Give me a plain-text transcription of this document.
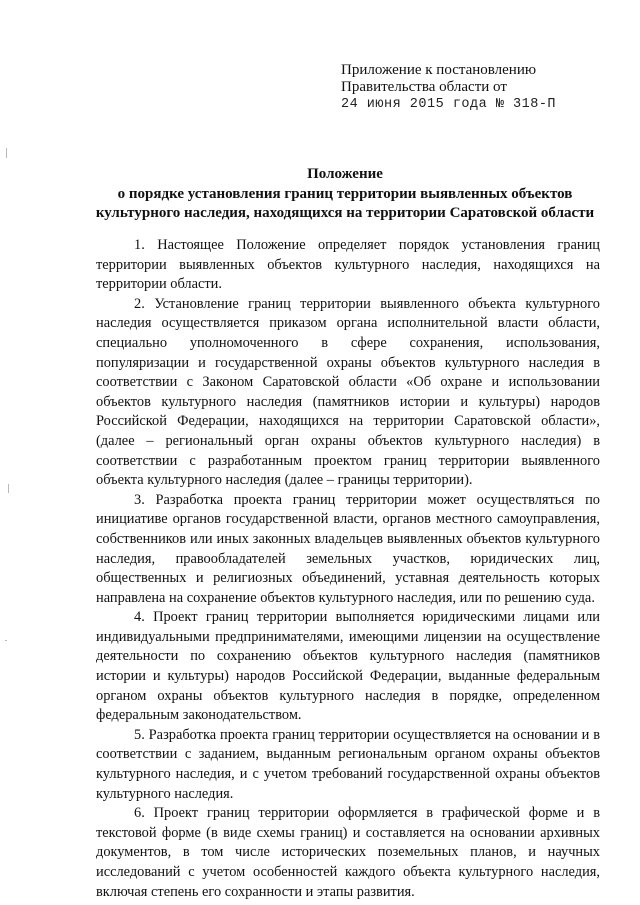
Приложение к постановлению
Правительства области от
24 июня 2015 года № 318-П
Положение
о порядке установления границ территории выявленных объектов
культурного наследия, находящихся на территории Саратовской области

1. Настоящее Положение определяет порядок установления границ территории выявленных объектов культурного наследия, находящихся на территории области.

2. Установление границ территории выявленного объекта культурного наследия осуществляется приказом органа исполнительной власти области, специально уполномоченного в сфере сохранения, использования, популяризации и государственной охраны объектов культурного наследия в соответствии с Законом Саратовской области «Об охране и использовании объектов культурного наследия (памятников истории и культуры) народов Российской Федерации, находящихся на территории Саратовской области», (далее – региональный орган охраны объектов культурного наследия) в соответствии с разработанным проектом границ территории выявленного объекта культурного наследия (далее – границы территории).

3. Разработка проекта границ территории может осуществляться по инициативе органов государственной власти, органов местного самоуправления, собственников или иных законных владельцев выявленных объектов культурного наследия, правообладателей земельных участков, юридических лиц, общественных и религиозных объединений, уставная деятельность которых направлена на сохранение объектов культурного наследия, или по решению суда.

4. Проект границ территории выполняется юридическими лицами или индивидуальными предпринимателями, имеющими лицензии на осуществление деятельности по сохранению объектов культурного наследия (памятников истории и культуры) народов Российской Федерации, выданные федеральным органом охраны объектов культурного наследия в порядке, определенном федеральным законодательством.

5. Разработка проекта границ территории осуществляется на основании и в соответствии с заданием, выданным региональным органом охраны объектов культурного наследия, и с учетом требований государственной охраны объектов культурного наследия.

6. Проект границ территории оформляется в графической форме и в текстовой форме (в виде схемы границ) и составляется на основании архивных документов, в том числе исторических поземельных планов, и научных исследований с учетом особенностей каждого объекта культурного наследия, включая степень его сохранности и этапы развития.
